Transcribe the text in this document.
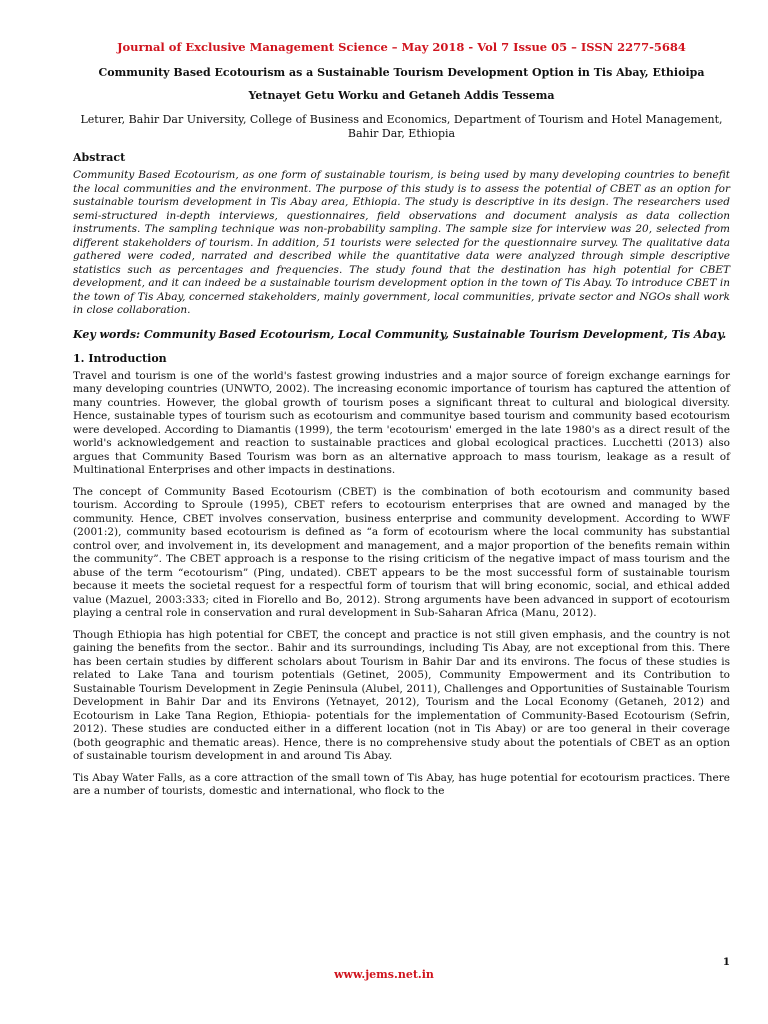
Journal of Exclusive Management Science – May 2018 - Vol 7 Issue 05 – ISSN 2277-5684
Community Based Ecotourism as a Sustainable Tourism Development Option in Tis Abay, Ethioipa
Yetnayet Getu Worku and Getaneh Addis Tessema
Leturer, Bahir Dar University, College of Business and Economics, Department of Tourism and Hotel Management, Bahir Dar, Ethiopia
Abstract
Community Based Ecotourism, as one form of sustainable tourism, is being used by many developing countries to benefit the local communities and the environment. The purpose of this study is to assess the potential of CBET as an option for sustainable tourism development in Tis Abay area, Ethiopia. The study is descriptive in its design. The researchers used semi-structured in-depth interviews, questionnaires, field observations and document analysis as data collection instruments. The sampling technique was non-probability sampling. The sample size for interview was 20, selected from different stakeholders of tourism. In addition, 51 tourists were selected for the questionnaire survey. The qualitative data gathered were coded, narrated and described while the quantitative data were analyzed through simple descriptive statistics such as percentages and frequencies. The study found that the destination has high potential for CBET development, and it can indeed be a sustainable tourism development option in the town of Tis Abay. To introduce CBET in the town of Tis Abay, concerned stakeholders, mainly government, local communities, private sector and NGOs shall work in close collaboration.
Key words: Community Based Ecotourism, Local Community, Sustainable Tourism Development, Tis Abay.
1. Introduction

Travel and tourism is one of the world's fastest growing industries and a major source of foreign exchange earnings for many developing countries (UNWTO, 2002). The increasing economic importance of tourism has captured the attention of many countries. However, the global growth of tourism poses a significant threat to cultural and biological diversity. Hence, sustainable types of tourism such as ecotourism and communitye based tourism and community based ecotourism were developed. According to Diamantis (1999), the term 'ecotourism' emerged in the late 1980's as a direct result of the world's acknowledgement and reaction to sustainable practices and global ecological practices. Lucchetti (2013) also argues that Community Based Tourism was born as an alternative approach to mass tourism, leakage as a result of Multinational Enterprises and other impacts in destinations.

The concept of Community Based Ecotourism (CBET) is the combination of both ecotourism and community based tourism. According to Sproule (1995), CBET refers to ecotourism enterprises that are owned and managed by the community. Hence, CBET involves conservation, business enterprise and community development. According to WWF (2001:2), community based ecotourism is defined as “a form of ecotourism where the local community has substantial control over, and involvement in, its development and management, and a major proportion of the benefits remain within the community”. The CBET approach is a response to the rising criticism of the negative impact of mass tourism and the abuse of the term “ecotourism” (Ping, undated). CBET appears to be the most successful form of sustainable tourism because it meets the societal request for a respectful form of tourism that will bring economic, social, and ethical added value (Mazuel, 2003:333; cited in Fiorello and Bo, 2012). Strong arguments have been advanced in support of ecotourism playing a central role in conservation and rural development in Sub-Saharan Africa (Manu, 2012).

Though Ethiopia has high potential for CBET, the concept and practice is not still given emphasis, and the country is not gaining the benefits from the sector.. Bahir and its surroundings, including Tis Abay, are not exceptional from this. There has been certain studies by different scholars about Tourism in Bahir Dar and its environs. The focus of these studies is related to Lake Tana and tourism potentials (Getinet, 2005), Community Empowerment and its Contribution to Sustainable Tourism Development in Zegie Peninsula (Alubel, 2011), Challenges and Opportunities of Sustainable Tourism Development in Bahir Dar and its Environs (Yetnayet, 2012), Tourism and the Local Economy (Getaneh, 2012) and Ecotourism in Lake Tana Region, Ethiopia- potentials for the implementation of Community-Based Ecotourism (Sefrin, 2012). These studies are conducted either in a different location (not in Tis Abay) or are too general in their coverage (both geographic and thematic areas). Hence, there is no comprehensive study about the potentials of CBET as an option of sustainable tourism development in and around Tis Abay.

Tis Abay Water Falls, as a core attraction of the small town of Tis Abay, has huge potential for ecotourism practices. There are a number of tourists, domestic and international, who flock to the

1
www.jems.net.in
